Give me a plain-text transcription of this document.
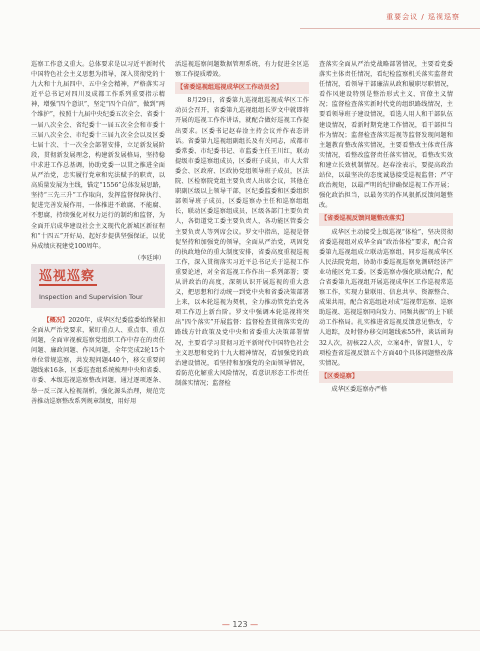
重要会议 / 巡视巡察

巡察工作意义重大。总体要求是以习近平新时代中国特色社会主义思想为指导，深入贯彻党的十九大和十九届四中、五中全会精神，严格落实习近平总书记对四川及成都工作系列重要指示精神，增强“四个意识”，坚定“四个自信”，做到“两个维护”，按照十九届中央纪委五次全会、省委十一届八次全会、省纪委十一届五次全会和市委十三届八次全会、市纪委十三届九次全会以及区委七届十次、十一次全会部署安排，立足新发展阶段，贯彻新发展理念，构建新发展格局，坚持稳中求进工作总基调，协助党委一以贯之推进全面从严治党，忠实履行党章和宪法赋予的职责，以高质量发展为主线，锚定“1556”总体发展思路，坚持“三先三升”工作取向，发挥监督保障执行、促进完善发展作用，一体推进不敢腐、不能腐、不想腐，持续强化对权力运行的制约和监督，为全面开启成华建设社会主义现代化新城区新征程和“十四五”开好局、起好步提供坚强保证，以优异成绩庆祝建党100周年。

（李廷坤）
巡视巡察
Inspection and Supervision Tour

【概况】2020年，成华区纪委监委始终紧扣全面从严治党要求，紧盯重点人、重点事、重点问题，全面审视被巡察党组织工作中存在的责任问题、廉政问题、作风问题，全年完成2轮15个单位常规巡察，共发现问题440个，移交重要问题线索16条，区委巡查组系统梳理中央和省委、市委、本级巡视巡察整改问题，通过逐项逐条、举一反三深入检视剖析，强化源头治理，规范完善推动巡察整改系列规章制度，用好用

活巡视巡察问题数据管理系统，有力促进全区巡察工作提质增效。

【省委巡视组巡视成华区工作动员会】

8月29日，省委第九巡视组巡视成华区工作动员会召开，省委第九巡视组组长罗文中就即将开展的巡视工作作讲话，就配合做好巡视工作提出要求。区委书记赵春淦主持会议并作表态讲话。省委第九巡视组副组长及有关同志，成都市委常委、市纪委书记、市监委主任王川红，联动提级市委巡察组成员，区委班子成员，市人大常委会、区政府、区政协党组领导班子成员，区法院、区检察院党组主要负责人出席会议，其他在职副区级以上领导干部，区纪委监委和区委组织部领导班子成员，区委巡察办主任和巡察组组长，联动区委巡察组成员，区级各部门主要负责人，各街道党工委主要负责人，各功能区管委会主要负责人等列席会议。罗文中指出，巡视是督促坚持和加强党的领导，全面从严治党，巩固党的执政地位的重大制度安排，省委高度重视巡视工作，深入贯彻落实习近平总书记关于巡视工作重要论述，对全省巡视工作作出一系列部署；要从讲政治的高度，深刻认识开展巡视的重大意义，把思想和行动统一到党中央和省委决策部署上来，以本轮巡视为契机，全力推动管党治党各项工作迈上新台阶。罗文中强调本轮巡视将突出“四个落实”开展监督：监督检查贯彻落实党的路线方针政策及党中央和省委重大决策部署情况，主要看学习贯彻习近平新时代中国特色社会主义思想和党的十九大精神情况，看加强党的政治建设情况，看坚持和加强党的全面领导情况，看防范化解重大风险情况，看意识形态工作责任制落实情况；监督检

查落实全面从严治党战略部署情况，主要看党委落实主体责任情况，看纪检监察机关落实监督责任情况，看领导干部廉洁从政和履职尽职情况，看作风建设特别是整治形式主义、官僚主义情况；监督检查落实新时代党的组织路线情况，主要看领导班子建设情况，看选人用人和干部队伍建设情况，看新时期党建工作情况，看干部担当作为情况；监督检查落实巡视等监督发现问题和主题教育整改落实情况，主要看整改主体责任落实情况，看整改监督责任落实情况，看整改实效和建立长效机制情况。赵春淦表示，要提高政治站位，以最坚决的态度诚恳接受巡视监督；严守政治规矩，以最严明的纪律确保巡视工作开展；强化政治担当，以最务实的作风狠抓反馈问题整改。

【省委巡视反馈问题整改落实】

成华区主动接受上级巡视“体检”，坚决贯彻省委巡视组对成华全面“政治体检”要求，配合省委第九巡视组成立联动巡察组，同步巡视成华区人民法院党组，协助市委巡视巡察免测研经济产业功能区党工委。区委巡察办强化联动配合，配合省委第九巡视组开展巡视成华区工作巡视常巡察工作，实现力量联用、信息共享、资源整合、成果共用，配合省巡组赴对成“巡视带巡察、巡察助巡视、巡视巡察同向发力、同频共振”的上下联动工作格局。扎实推进省巡视反馈意见整改，专人追踪，及时督办移交问题线索55件，谈话函询32人次，初核22人次，立案4件，留置1人，专项检查省巡视反馈五个方面40个具体问题整改落实情况。

【区委巡察】

成华区委巡察办严格

— 123 —
